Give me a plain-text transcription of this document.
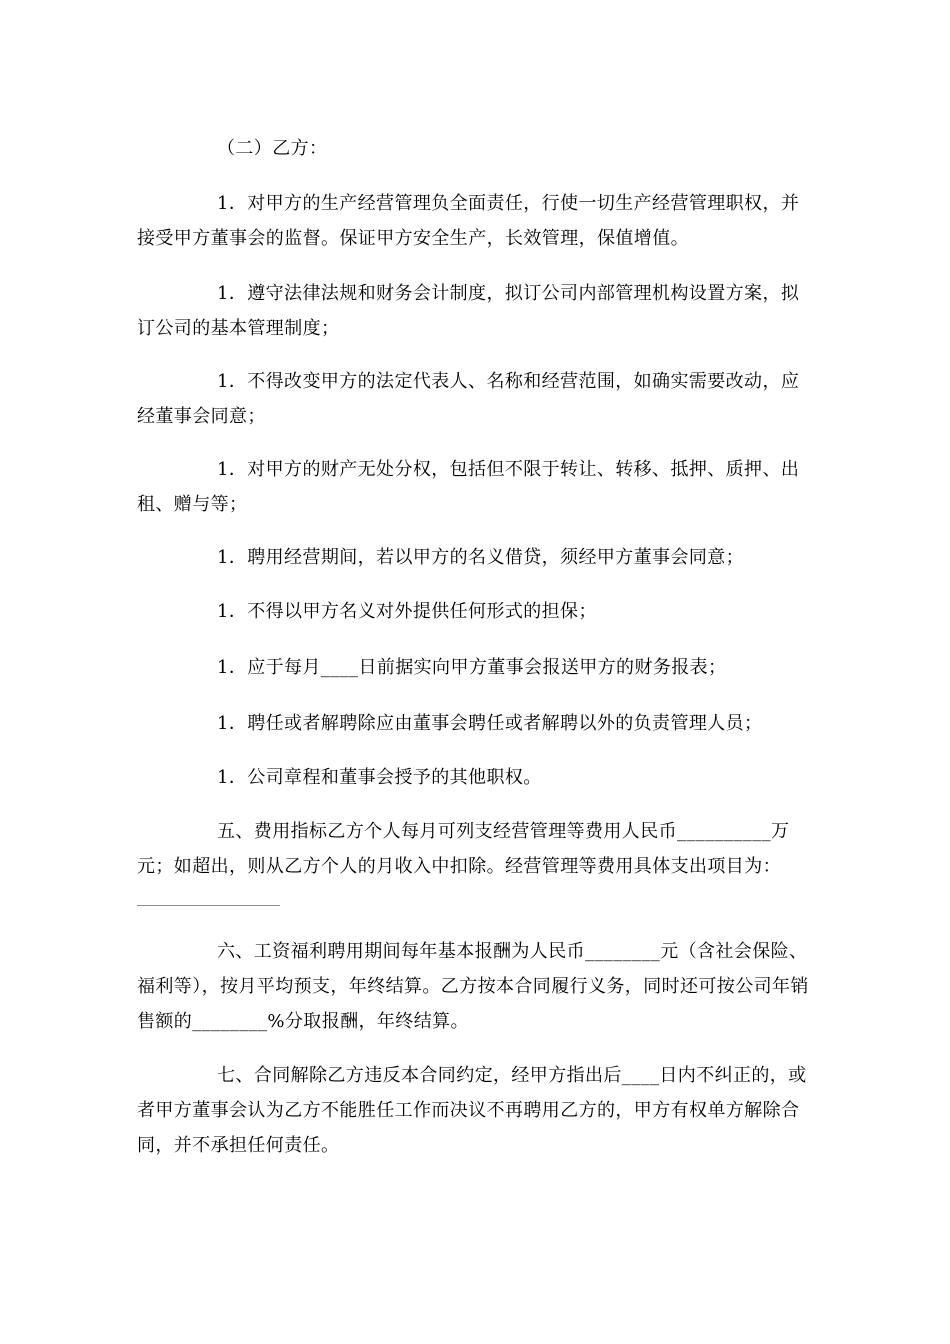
（二）乙方：

1．对甲方的生产经营管理负全面责任，行使一切生产经营管理职权，并接受甲方董事会的监督。保证甲方安全生产，长效管理，保值增值。

1．遵守法律法规和财务会计制度，拟订公司内部管理机构设置方案，拟订公司的基本管理制度；

1．不得改变甲方的法定代表人、名称和经营范围，如确实需要改动，应经董事会同意；

1．对甲方的财产无处分权，包括但不限于转让、转移、抵押、质押、出租、赠与等；

1．聘用经营期间，若以甲方的名义借贷，须经甲方董事会同意；

1．不得以甲方名义对外提供任何形式的担保；

1．应于每月____日前据实向甲方董事会报送甲方的财务报表；

1．聘任或者解聘除应由董事会聘任或者解聘以外的负责管理人员；

1．公司章程和董事会授予的其他职权。

五、费用指标乙方个人每月可列支经营管理等费用人民币__________万元；如超出，则从乙方个人的月收入中扣除。经营管理等费用具体支出项目为：

六、工资福利聘用期间每年基本报酬为人民币________元（含社会保险、福利等），按月平均预支，年终结算。乙方按本合同履行义务，同时还可按公司年销售额的________%分取报酬，年终结算。

七、合同解除乙方违反本合同约定，经甲方指出后____日内不纠正的，或者甲方董事会认为乙方不能胜任工作而决议不再聘用乙方的，甲方有权单方解除合同，并不承担任何责任。
